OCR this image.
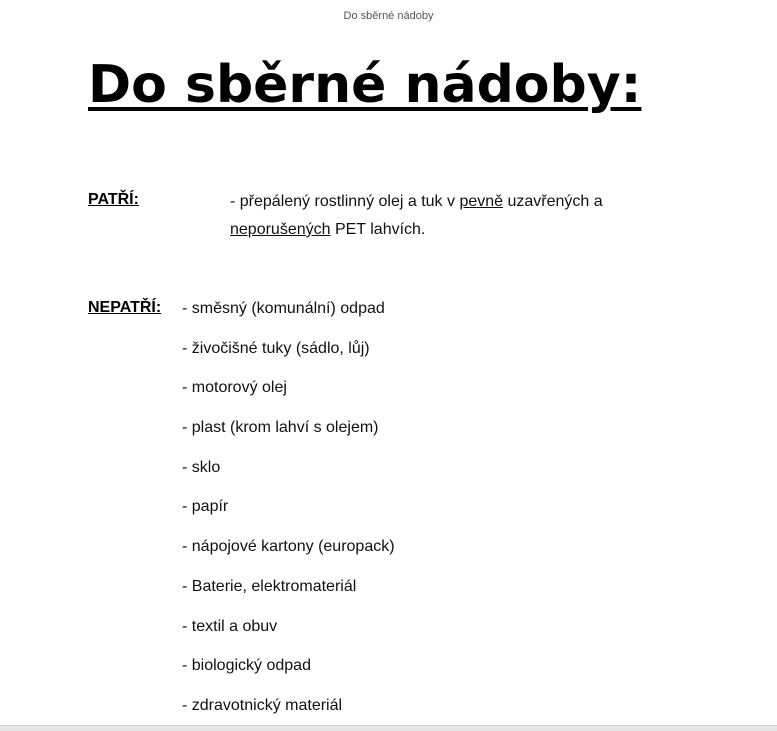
Do sběrné nádoby
Do sběrné nádoby:
PATŘÍ:	- přepálený rostlinný olej a tuk v pevně uzavřených a
neporušených PET lahvích.
NEPATŘÍ: - směsný (komunální) odpad
- živočišné tuky (sádlo, lůj)
- motorový olej
- plast (krom lahví s olejem)
- sklo
- papír
- nápojové kartony (europack)
- Baterie, elektromateriál
- textil a obuv
- biologický odpad
- zdravotnický materiál
